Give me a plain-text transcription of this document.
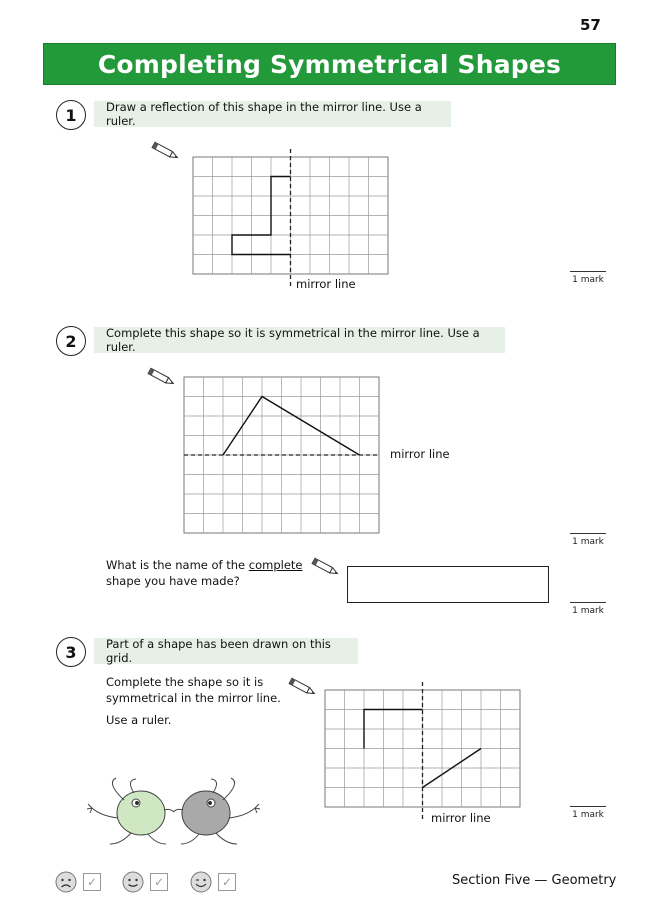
57
Completing Symmetrical Shapes
1	Draw a reflection of this shape in the mirror line. Use a ruler.
mirror line	1 mark
2	Complete this shape so it is symmetrical in the mirror line. Use a ruler.
mirror line
1 mark
What is the name of the complete
shape you have made?
1 mark
3	Part of a shape has been drawn on this grid.
Complete the shape so it is
symmetrical in the mirror line.
Use a ruler.
mirror line	1 mark
✓	✓	✓	Section Five — Geometry
